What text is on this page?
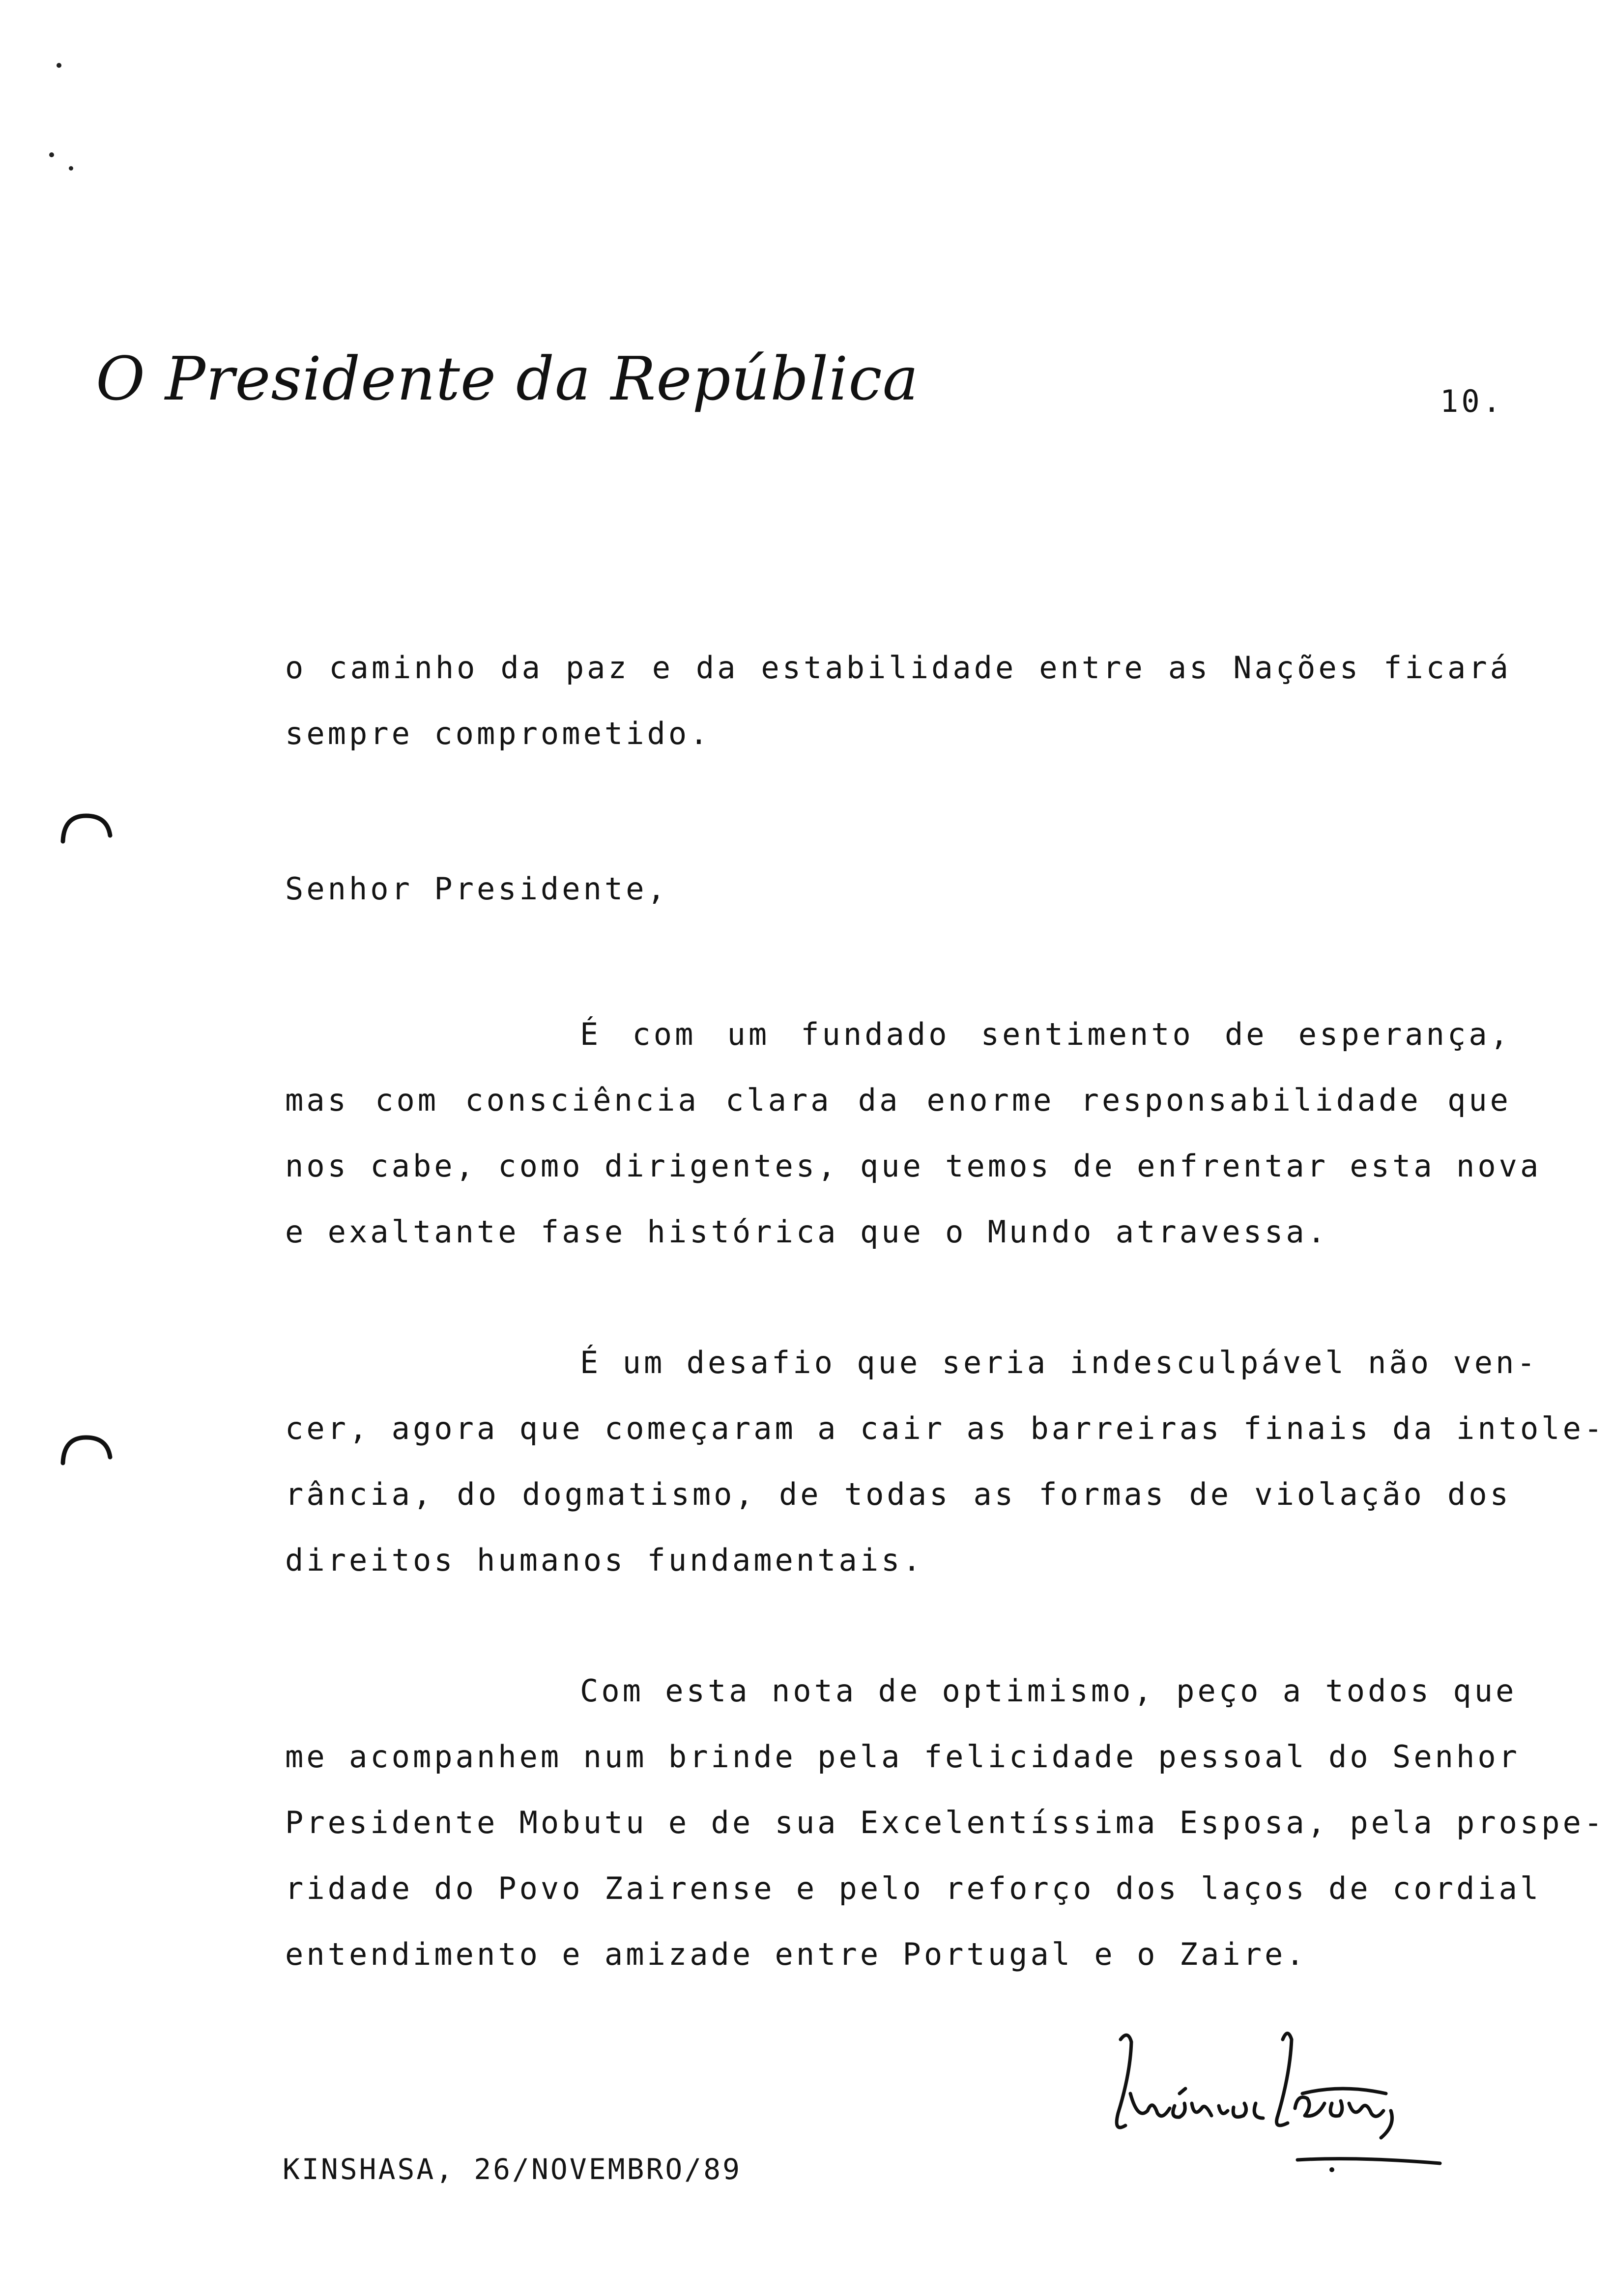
O Presidente da República	10.
o caminho da paz e da estabilidade entre as Nações ficará
sempre comprometido.
Senhor Presidente,
É com um fundado sentimento de esperança,
mas com consciência clara da enorme responsabilidade que
nos cabe, como dirigentes, que temos de enfrentar esta nova
e exaltante fase histórica que o Mundo atravessa.
É um desafio que seria indesculpável não ven-
cer, agora que começaram a cair as barreiras finais da intole-
rância, do dogmatismo, de todas as formas de violação dos
direitos humanos fundamentais.
Com esta nota de optimismo, peço a todos que
me acompanhem num brinde pela felicidade pessoal do Senhor
Presidente Mobutu e de sua Excelentíssima Esposa, pela prospe-
ridade do Povo Zairense e pelo reforço dos laços de cordial
entendimento e amizade entre Portugal e o Zaire.
KINSHASA, 26/NOVEMBRO/89
